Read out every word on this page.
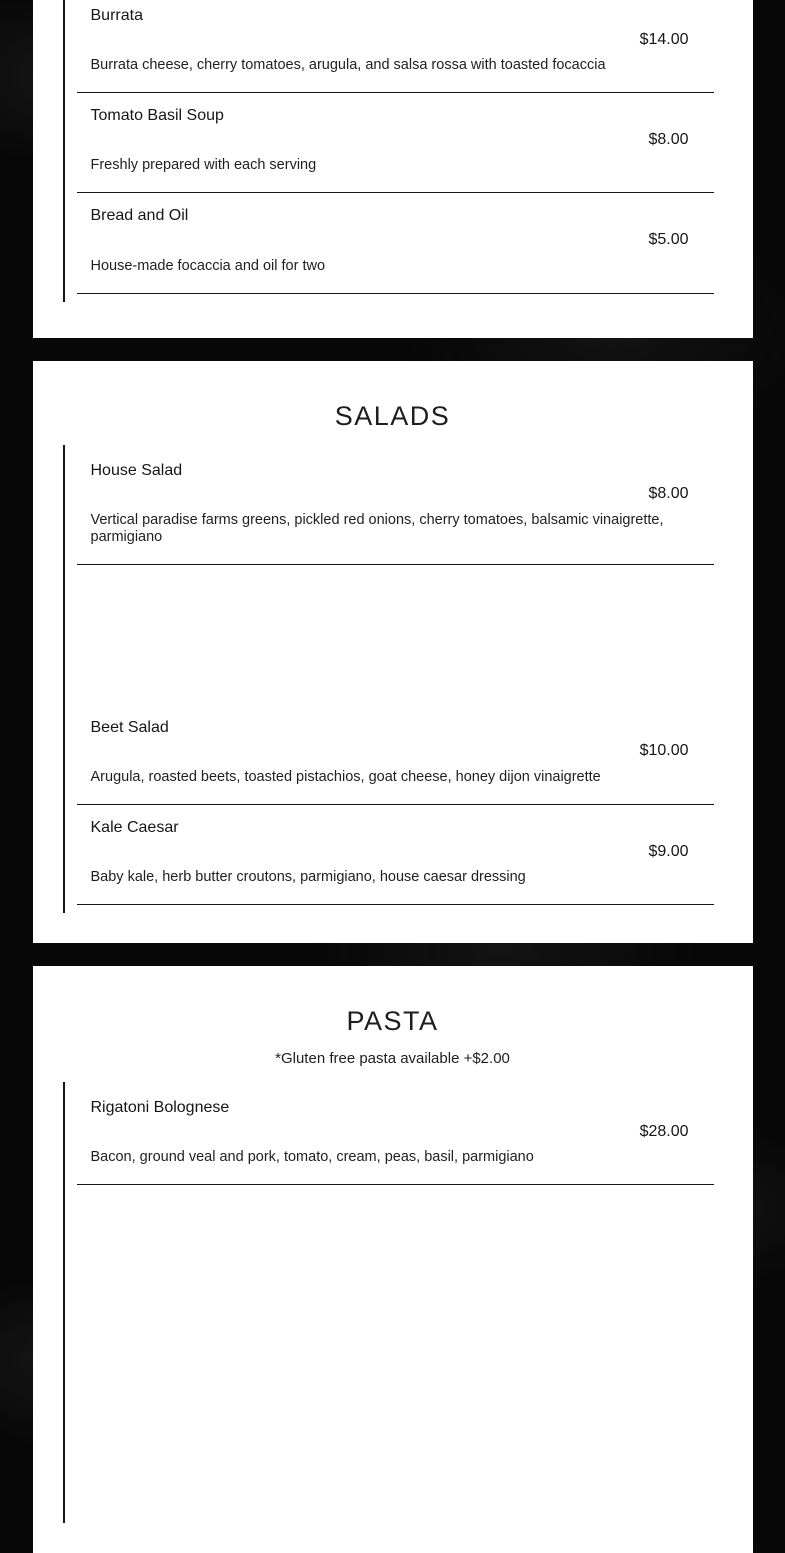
Burrata
$14.00

Burrata cheese, cherry tomatoes, arugula, and salsa rossa with toasted focaccia

Tomato Basil Soup
$8.00

Freshly prepared with each serving

Bread and Oil
$5.00

House-made focaccia and oil for two

SALADS
House Salad
$8.00

Vertical paradise farms greens, pickled red onions, cherry tomatoes, balsamic vinaigrette, parmigiano

Beet Salad
$10.00

Arugula, roasted beets, toasted pistachios, goat cheese, honey dijon vinaigrette

Kale Caesar
$9.00

Baby kale, herb butter croutons, parmigiano, house caesar dressing

PASTA

*Gluten free pasta available +$2.00

Rigatoni Bolognese
$28.00

Bacon, ground veal and pork, tomato, cream, peas, basil, parmigiano
